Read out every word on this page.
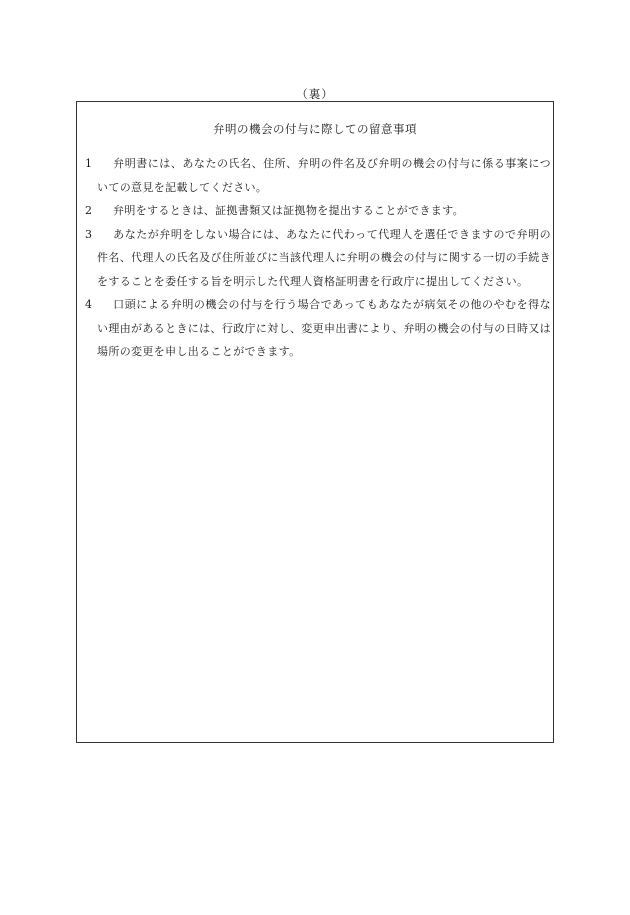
（裏）
弁明の機会の付与に際しての留意事項
1	弁明書には、あなたの氏名、住所、弁明の件名及び弁明の機会の付与に係る事案についての意見を記載してください。
2	弁明をするときは、証拠書類又は証拠物を提出することができます。
3	あなたが弁明をしない場合には、あなたに代わって代理人を選任できますので弁明の件名、代理人の氏名及び住所並びに当該代理人に弁明の機会の付与に関する一切の手続きをすることを委任する旨を明示した代理人資格証明書を行政庁に提出してください。
4	口頭による弁明の機会の付与を行う場合であってもあなたが病気その他のやむを得ない理由があるときには、行政庁に対し、変更申出書により、弁明の機会の付与の日時又は場所の変更を申し出ることができます。
